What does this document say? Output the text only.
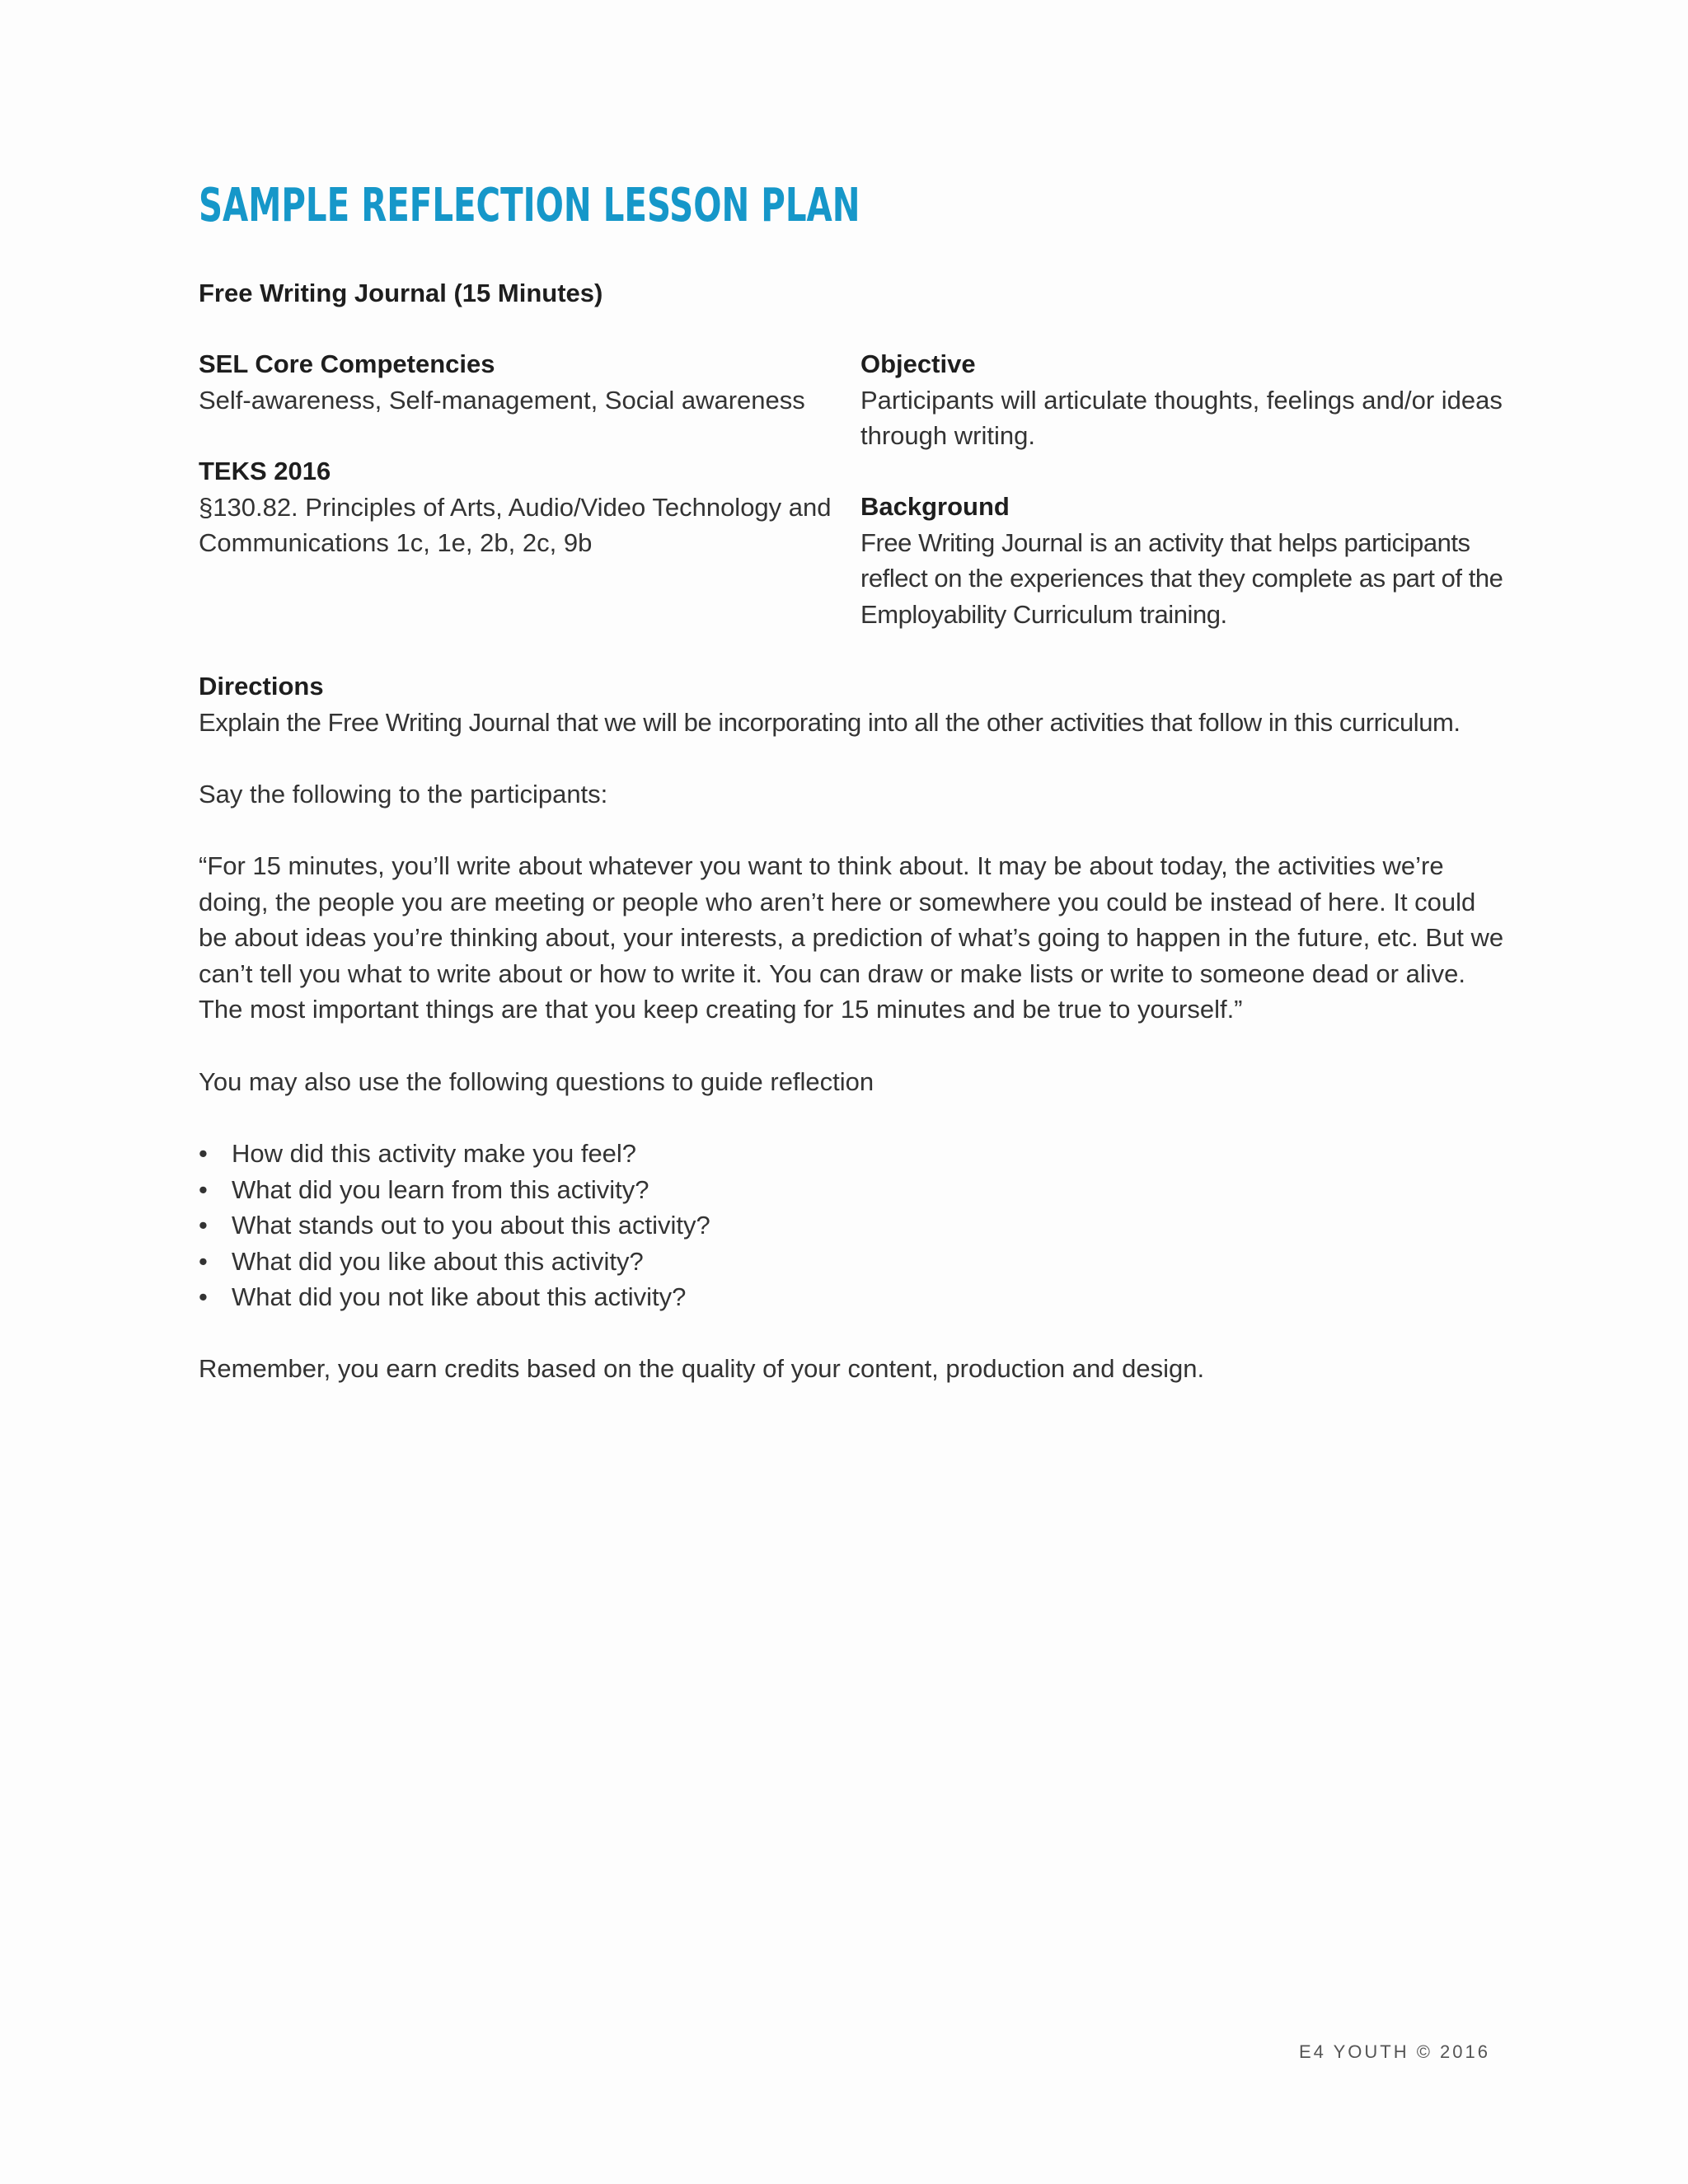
SAMPLE REFLECTION LESSON PLAN
Free Writing Journal (15 Minutes)
SEL Core Competencies

Self-awareness, Self-management, Social awareness

TEKS 2016

§130.82. Principles of Arts, Audio/Video Technology and Communications 1c, 1e, 2b, 2c, 9b

Objective

Participants will articulate thoughts, feelings and/or ideas through writing.

Background

Free Writing Journal is an activity that helps participants reflect on the experiences that they complete as part of the Employability Curriculum training.

Directions

Explain the Free Writing Journal that we will be incorporating into all the other activities that follow in this curriculum.

Say the following to the participants:

“For 15 minutes, you’ll write about whatever you want to think about. It may be about today, the activities we’re doing, the people you are meeting or people who aren’t here or somewhere you could be instead of here. It could be about ideas you’re thinking about, your interests, a prediction of what’s going to happen in the future, etc. But we can’t tell you what to write about or how to write it. You can draw or make lists or write to someone dead or alive. The most important things are that you keep creating for 15 minutes and be true to yourself.”

You may also use the following questions to guide reflection

• How did this activity make you feel?
• What did you learn from this activity?
• What stands out to you about this activity?
• What did you like about this activity?
• What did you not like about this activity?

Remember, you earn credits based on the quality of your content, production and design.

E4 YOUTH © 2016
